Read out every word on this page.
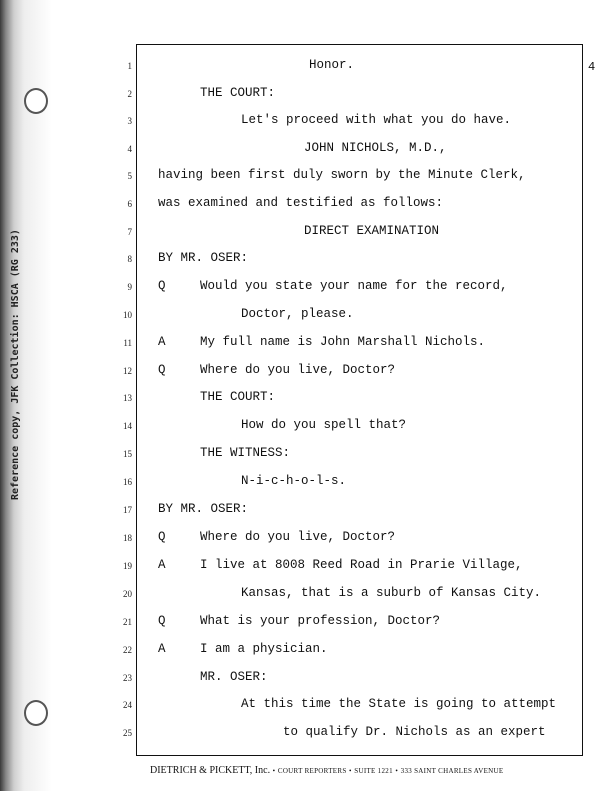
Reference copy, JFK Collection: HSCA (RG 233)
4
1
2
3
4
5
6
7
8
9
10
11
12
13
14
15
16
17
18
19
20
21
22
23
24
25
Q
A
Q
Q
A
Q
A
Honor.
THE COURT:
Let's proceed with what you do have.
JOHN NICHOLS, M.D.,
having been first duly sworn by the Minute Clerk,
was examined and testified as follows:
DIRECT EXAMINATION
BY MR. OSER:
Would you state your name for the record,
Doctor, please.
My full name is John Marshall Nichols.
Where do you live, Doctor?
THE COURT:
How do you spell that?
THE WITNESS:
N-i-c-h-o-l-s.
BY MR. OSER:
Where do you live, Doctor?
I live at 8008 Reed Road in Prarie Village,
Kansas, that is a suburb of Kansas City.
What is your profession, Doctor?
I am a physician.
MR. OSER:
At this time the State is going to attempt
to qualify Dr. Nichols as an expert
DIETRICH & PICKETT, Inc. • COURT REPORTERS • SUITE 1221 • 333 SAINT CHARLES AVENUE
